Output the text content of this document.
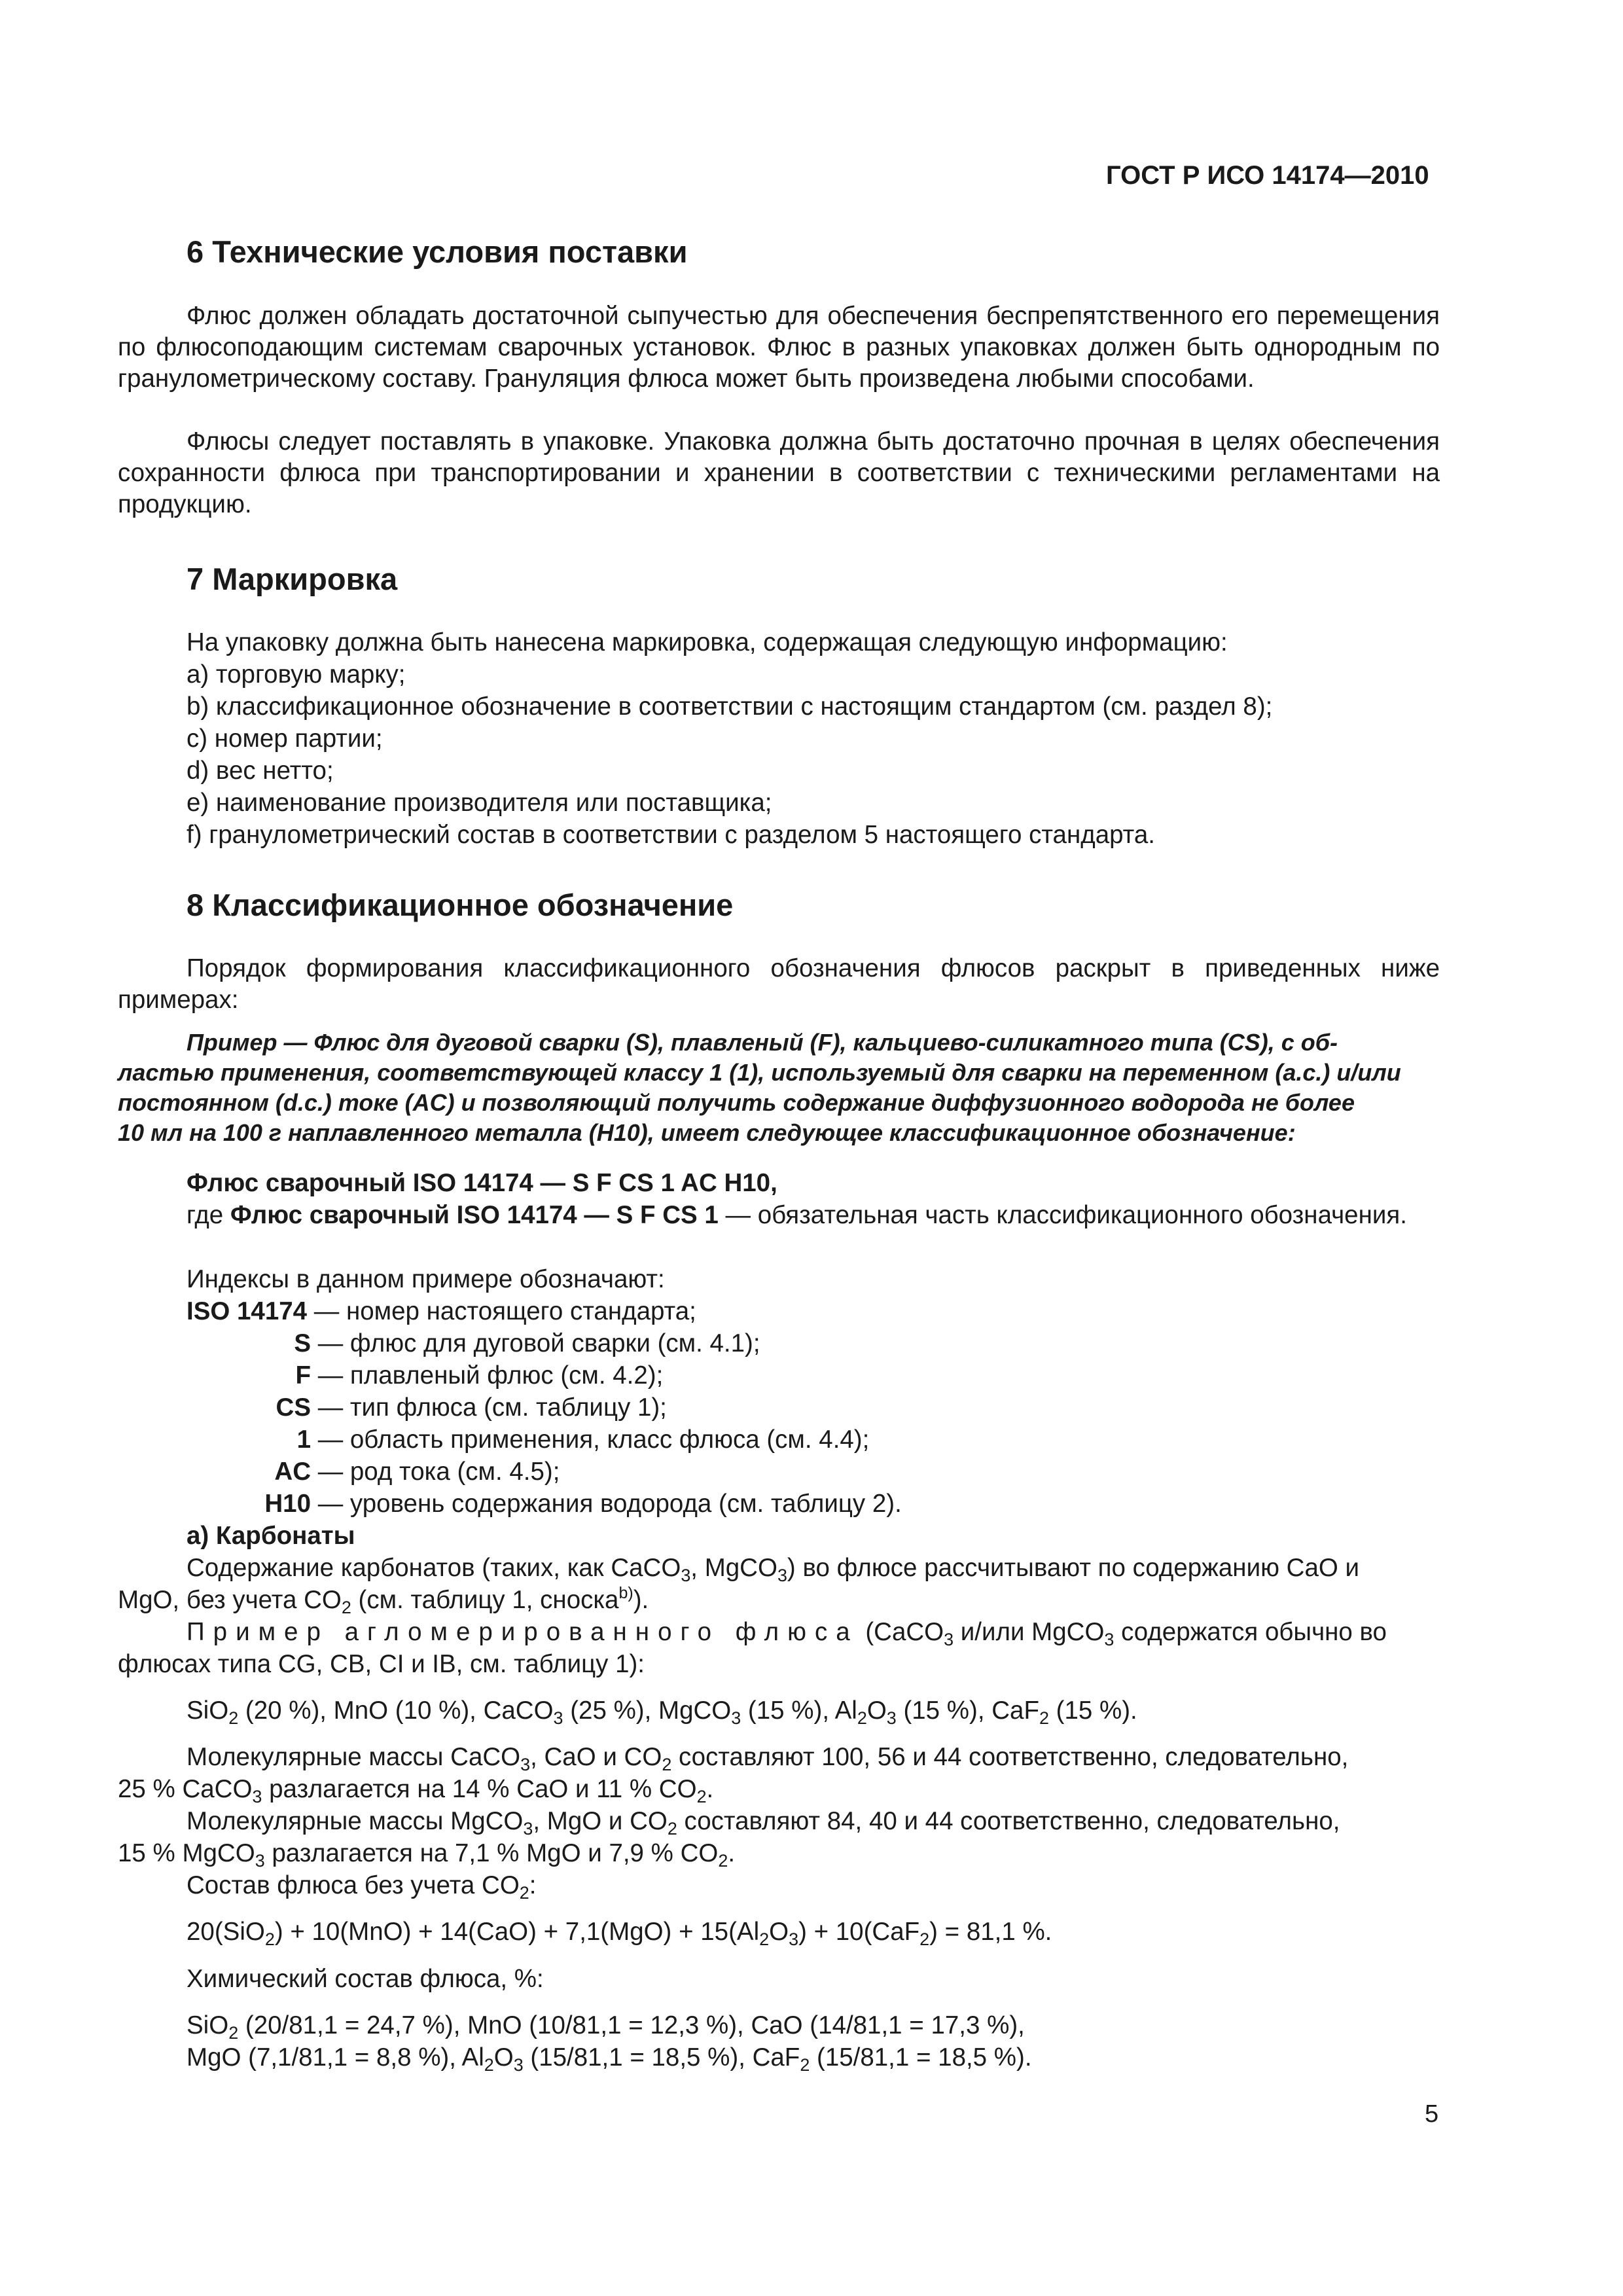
ГОСТ Р ИСО 14174—2010
6 Технические условия поставки
Флюс должен обладать достаточной сыпучестью для обеспечения беспрепятственного его перемещения по флюсоподающим системам сварочных установок. Флюс в разных упаковках должен быть однородным по гранулометрическому составу. Грануляция флюса может быть произведена любыми способами.
Флюсы следует поставлять в упаковке. Упаковка должна быть достаточно прочная в целях обеспечения сохранности флюса при транспортировании и хранении в соответствии с техническими регламентами на продукцию.
7 Маркировка
На упаковку должна быть нанесена маркировка, содержащая следующую информацию:
a) торговую марку;
b) классификационное обозначение в соответствии с настоящим стандартом (см. раздел 8);
c) номер партии;
d) вес нетто;
e) наименование производителя или поставщика;
f) гранулометрический состав в соответствии с разделом 5 настоящего стандарта.
8 Классификационное обозначение
Порядок формирования классификационного обозначения флюсов раскрыт в приведенных ниже примерах:
Пример — Флюс для дуговой сварки (S), плавленый (F), кальциево-силикатного типа (CS), с об-
ластью применения, соответствующей классу 1 (1), используемый для сварки на переменном (a.c.) и/или
постоянном (d.c.) токе (AC) и позволяющий получить содержание диффузионного водорода не более
10 мл на 100 г наплавленного металла (H10), имеет следующее классификационное обозначение:
Флюс сварочный ISO 14174 — S F CS 1 AC H10,
где Флюс сварочный ISO 14174 — S F CS 1 — обязательная часть классификационного обозначения.
Индексы в данном примере обозначают:
ISO 14174 — номер настоящего стандарта;
S — флюс для дуговой сварки (см. 4.1);
F — плавленый флюс (см. 4.2);
CS — тип флюса (см. таблицу 1);
1 — область применения, класс флюса (см. 4.4);
AC — род тока (см. 4.5);
H10 — уровень содержания водорода (см. таблицу 2).
а) Карбонаты
Содержание карбонатов (таких, как CaCO$_3$, MgCO$_3$) во флюсе рассчитывают по содержанию CaO и
MgO, без учета $CO_2$ (см. таблицу 1, сноска$^{b)}$).
Пример агломерированного флюса (CaCO$_3$ и/или MgCO$_3$ содержатся обычно во
флюсах типа CG, CB, CI и IB, см. таблицу 1):
SiO$_2$ (20 %), MnO (10 %), CaCO$_3$ (25 %), MgCO$_3$ (15 %), $Al_2O_3$ (15 %), CaF$_2$ (15 %).
Молекулярные массы CaCO$_3$, CaO и $CO_2$ составляют 100, 56 и 44 соответственно, следовательно,
25 % CaCO$_3$ разлагается на 14 % CaO и 11 % $CO_2$.
Молекулярные массы MgCO$_3$, MgO и $CO_2$ составляют 84, 40 и 44 соответственно, следовательно,
15 % MgCO$_3$ разлагается на 7,1 % MgO и 7,9 % $CO_2$.
Состав флюса без учета $CO_2$:
$20(SiO_2) + 10(MnO) + 14(CaO) + 7,1(MgO) + 15(Al_2O_3) + 10(CaF_2) = 81,1$ %.
Химический состав флюса, %:
SiO$_2$ (20/81,1 = 24,7 %), MnO (10/81,1 = 12,3 %), CaO (14/81,1 = 17,3 %),
MgO (7,1/81,1 = 8,8 %), $Al_2O_3$ (15/81,1 = 18,5 %), CaF$_2$ (15/81,1 = 18,5 %).
5
